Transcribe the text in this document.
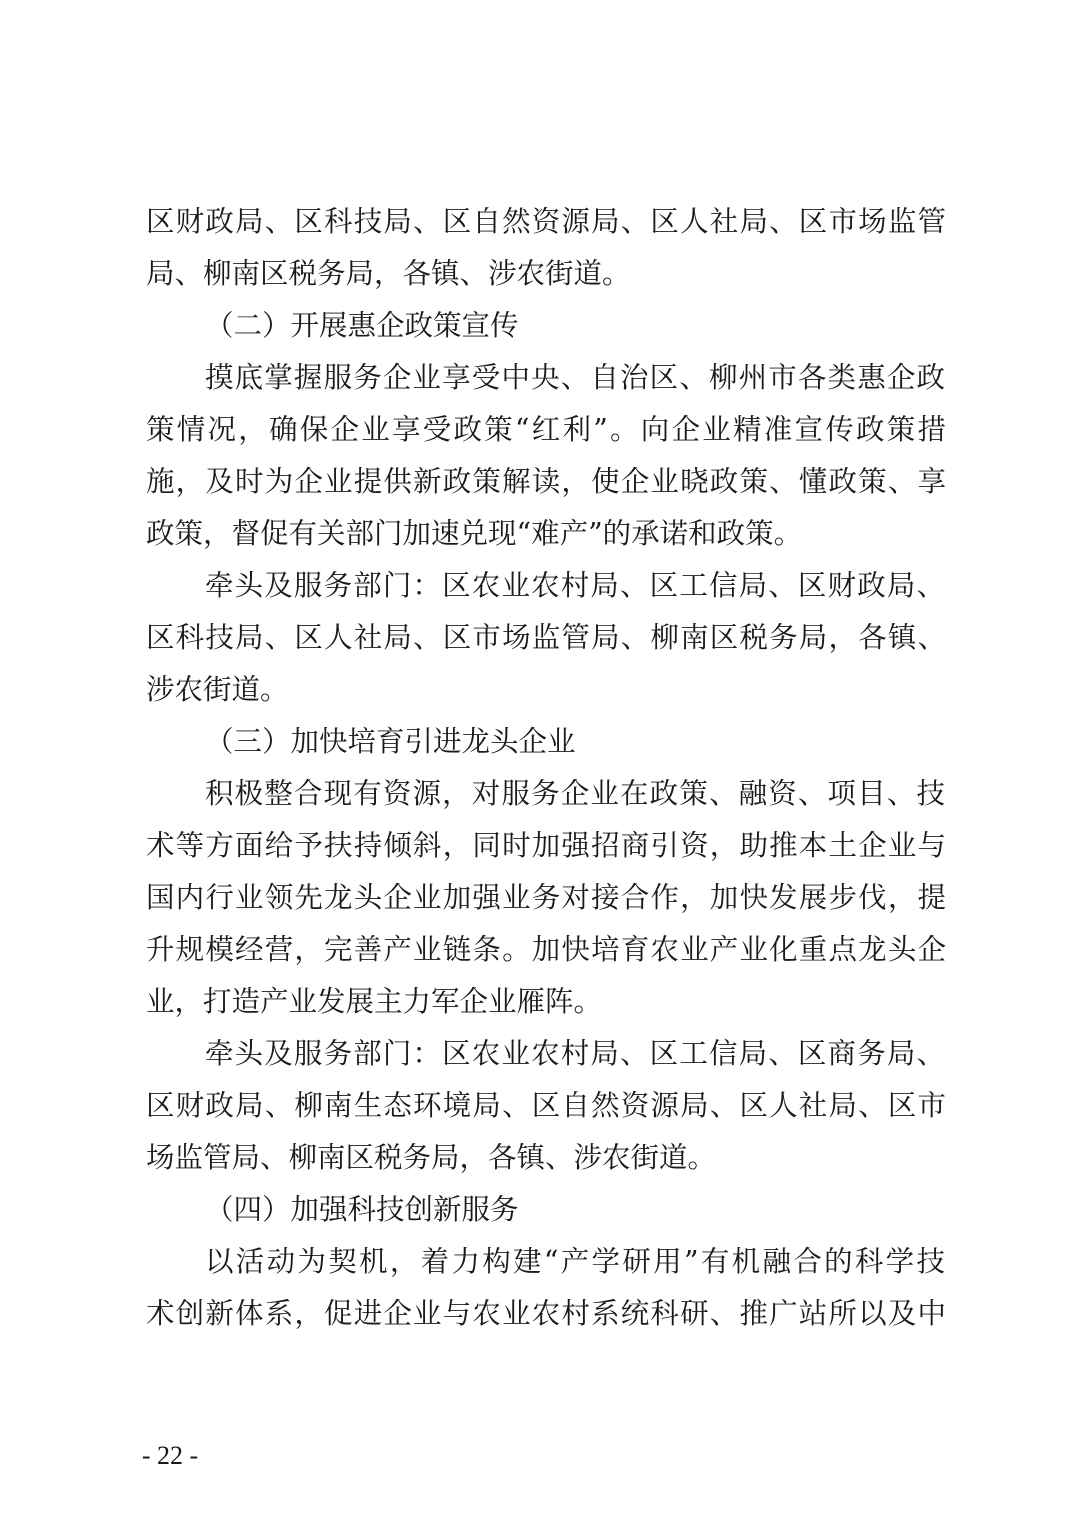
区财政局、区科技局、区自然资源局、区人社局、区市场监管
局、柳南区税务局，各镇、涉农街道。
（二）开展惠企政策宣传
摸底掌握服务企业享受中央、自治区、柳州市各类惠企政
策情况，确保企业享受政策“红利”。向企业精准宣传政策措
施，及时为企业提供新政策解读，使企业晓政策、懂政策、享
政策，督促有关部门加速兑现“难产”的承诺和政策。
牵头及服务部门：区农业农村局、区工信局、区财政局、
区科技局、区人社局、区市场监管局、柳南区税务局，各镇、
涉农街道。
（三）加快培育引进龙头企业
积极整合现有资源，对服务企业在政策、融资、项目、技
术等方面给予扶持倾斜，同时加强招商引资，助推本土企业与
国内行业领先龙头企业加强业务对接合作，加快发展步伐，提
升规模经营，完善产业链条。加快培育农业产业化重点龙头企
业，打造产业发展主力军企业雁阵。
牵头及服务部门：区农业农村局、区工信局、区商务局、
区财政局、柳南生态环境局、区自然资源局、区人社局、区市
场监管局、柳南区税务局，各镇、涉农街道。
（四）加强科技创新服务
以活动为契机，着力构建“产学研用”有机融合的科学技
术创新体系，促进企业与农业农村系统科研、推广站所以及中
- 22 -
